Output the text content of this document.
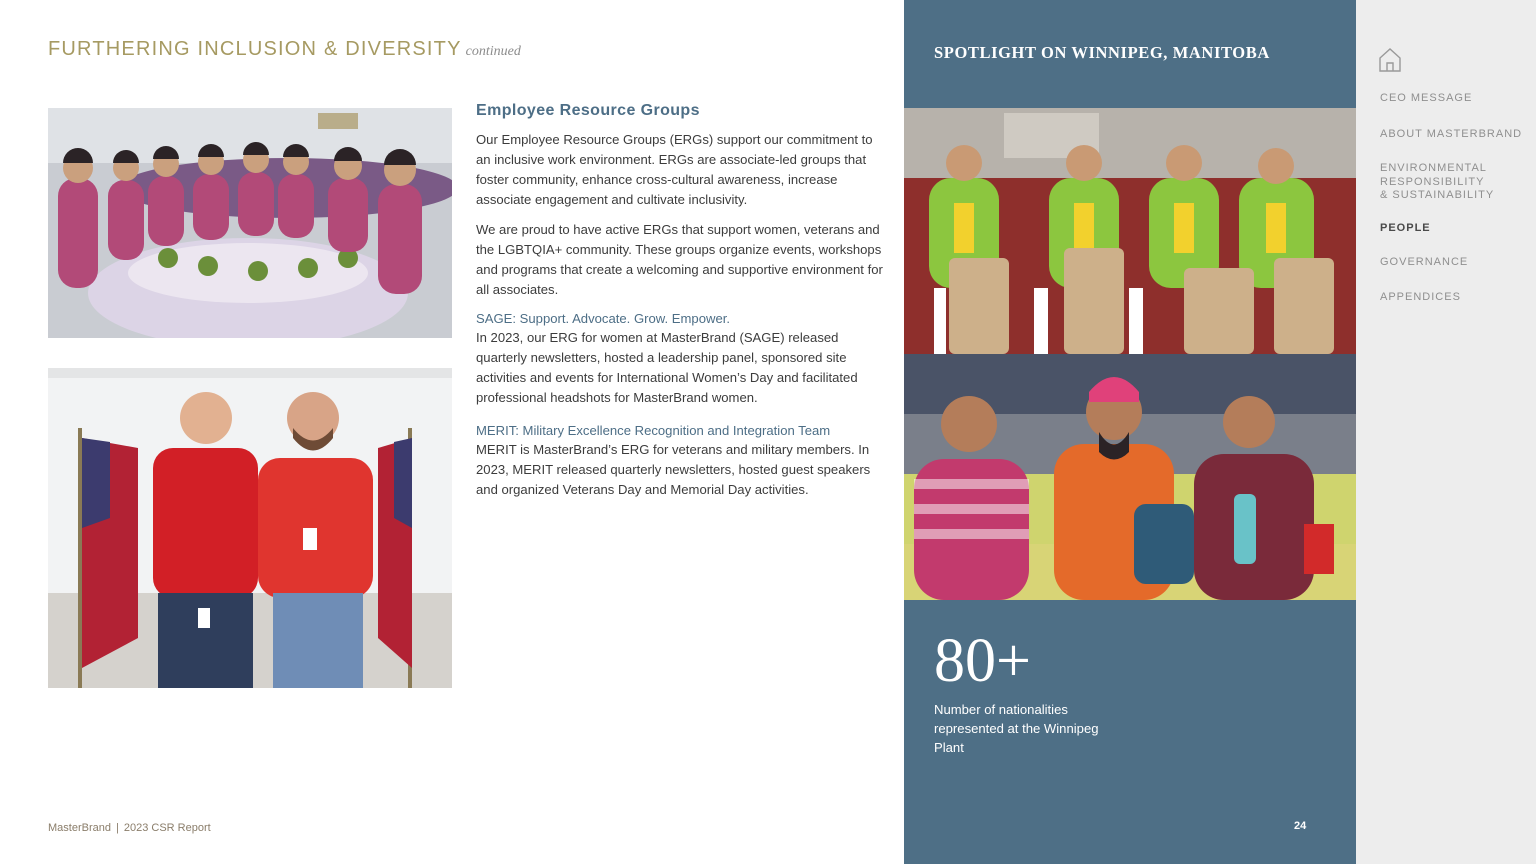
FURTHERING INCLUSION & DIVERSITY continued
Employee Resource Groups

Our Employee Resource Groups (ERGs) support our commitment to an inclusive work environment. ERGs are associate-led groups that foster community, enhance cross-cultural awareness, increase associate engagement and cultivate inclusivity.

We are proud to have active ERGs that support women, veterans and the LGBTQIA+ community. These groups organize events, workshops and programs that create a welcoming and supportive environment for all associates.

SAGE: Support. Advocate. Grow. Empower.

In 2023, our ERG for women at MasterBrand (SAGE) released quarterly newsletters, hosted a leadership panel, sponsored site activities and events for International Women’s Day and facilitated professional headshots for MasterBrand women.

MERIT: Military Excellence Recognition and Integration Team

MERIT is MasterBrand’s ERG for veterans and military members. In 2023, MERIT released quarterly newsletters, hosted guest speakers and organized Veterans Day and Memorial Day activities.

SPOTLIGHT ON WINNIPEG, MANITOBA
80+
Number of nationalities represented at the Winnipeg Plant
24
MasterBrand | 2023 CSR Report
CEO MESSAGE
ABOUT MASTERBRAND
ENVIRONMENTAL
RESPONSIBILITY
& SUSTAINABILITY
PEOPLE
GOVERNANCE
APPENDICES
